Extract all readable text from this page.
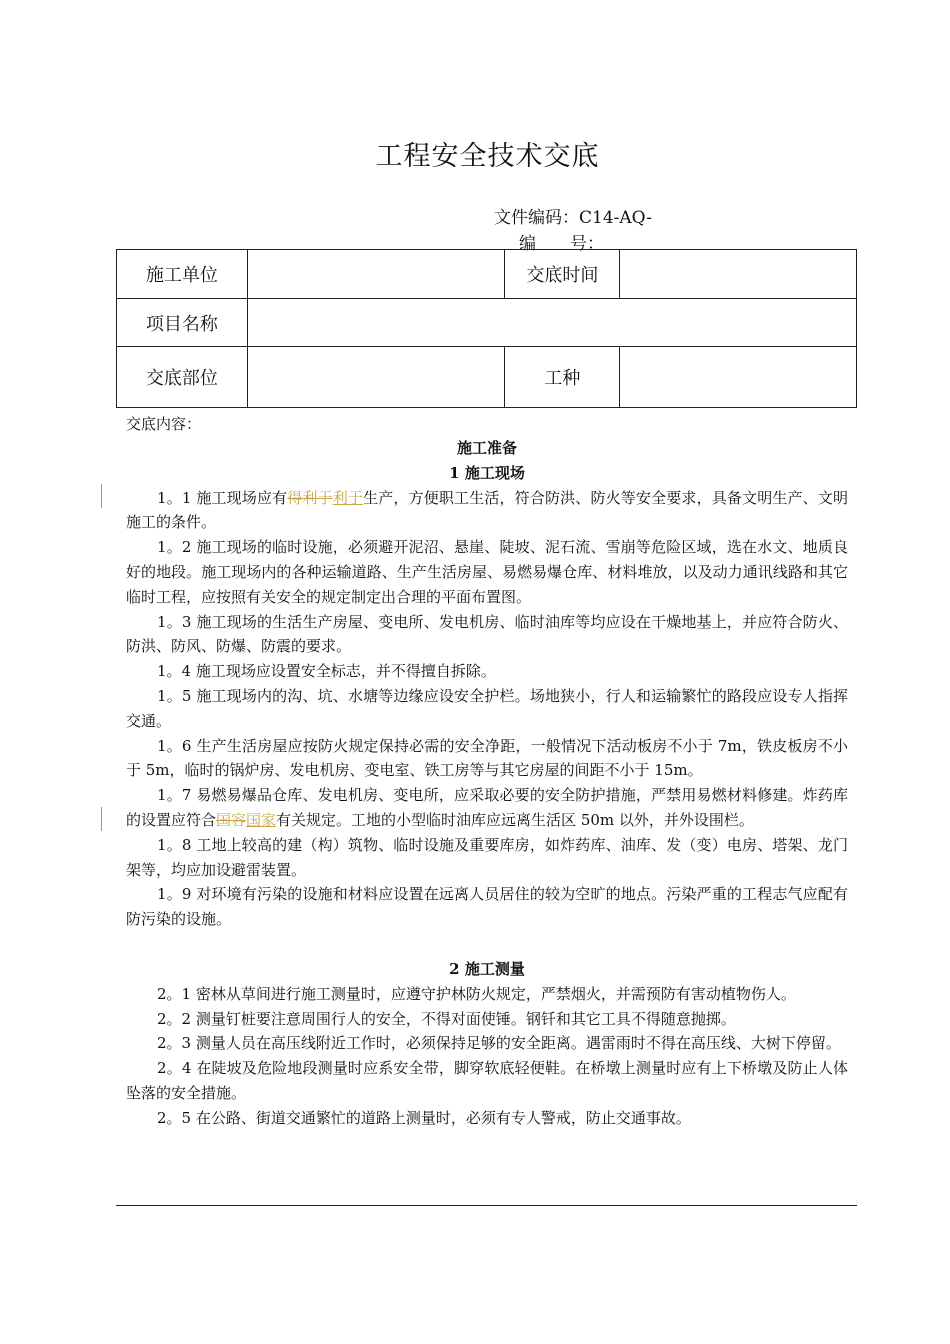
工程安全技术交底
文件编码：C14-AQ-
编　　号：
施工单位		交底时间	
项目名称			
交底部位		工种	
交底内容：

施工准备

1 施工现场

1。1 施工现场应有得利于利于生产，方便职工生活，符合防洪、防火等安全要求，具备文明生产、文明施工的条件。

1。2 施工现场的临时设施，必须避开泥沼、悬崖、陡坡、泥石流、雪崩等危险区域，选在水文、地质良好的地段。施工现场内的各种运输道路、生产生活房屋、易燃易爆仓库、材料堆放，以及动力通讯线路和其它临时工程，应按照有关安全的规定制定出合理的平面布置图。

1。3 施工现场的生活生产房屋、变电所、发电机房、临时油库等均应设在干燥地基上，并应符合防火、防洪、防风、防爆、防震的要求。

1。4 施工现场应设置安全标志，并不得擅自拆除。

1。5 施工现场内的沟、坑、水塘等边缘应设安全护栏。场地狭小，行人和运输繁忙的路段应设专人指挥交通。

1。6 生产生活房屋应按防火规定保持必需的安全净距，一般情况下活动板房不小于 7m，铁皮板房不小于 5m，临时的锅炉房、发电机房、变电室、铁工房等与其它房屋的间距不小于 15m。

1。7 易燃易爆品仓库、发电机房、变电所，应采取必要的安全防护措施，严禁用易燃材料修建。炸药库的设置应符合国容国家有关规定。工地的小型临时油库应远离生活区 50m 以外，并外设围栏。

1。8 工地上较高的建（构）筑物、临时设施及重要库房，如炸药库、油库、发（变）电房、塔架、龙门架等，均应加设避雷装置。

1。9 对环境有污染的设施和材料应设置在远离人员居住的较为空旷的地点。污染严重的工程志气应配有防污染的设施。

2 施工测量

2。1 密林从草间进行施工测量时，应遵守护林防火规定，严禁烟火，并需预防有害动植物伤人。

2。2 测量钉桩要注意周围行人的安全，不得对面使锤。钢钎和其它工具不得随意抛掷。

2。3 测量人员在高压线附近工作时，必须保持足够的安全距离。遇雷雨时不得在高压线、大树下停留。

2。4 在陡坡及危险地段测量时应系安全带，脚穿软底轻便鞋。在桥墩上测量时应有上下桥墩及防止人体坠落的安全措施。

2。5 在公路、街道交通繁忙的道路上测量时，必须有专人警戒，防止交通事故。
